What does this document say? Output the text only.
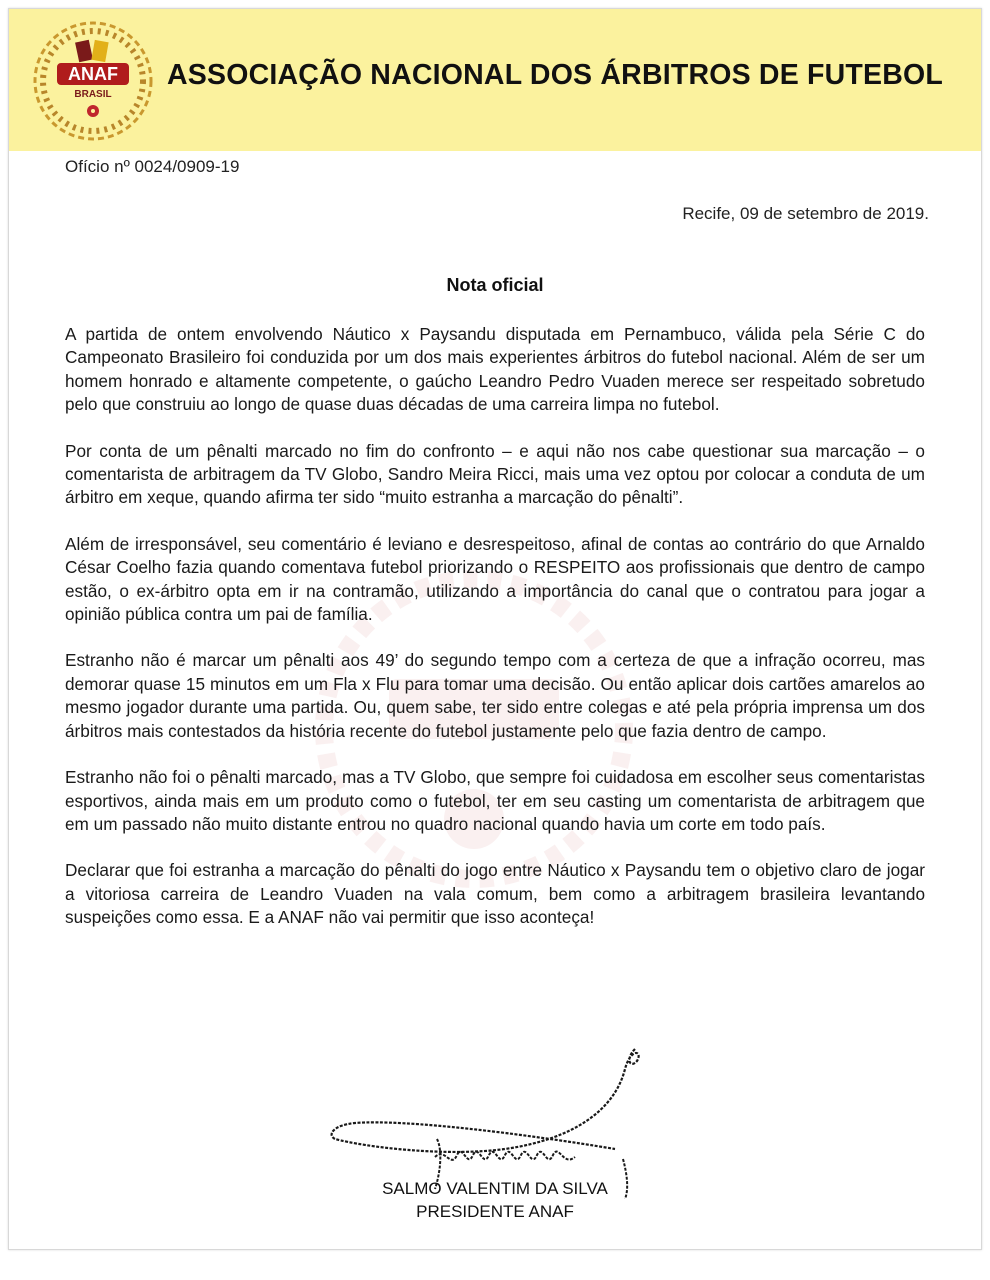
ANAF
BRASIL
ASSOCIAÇÃO NACIONAL DOS ÁRBITROS DE FUTEBOL
Ofício nº 0024/0909-19
Recife, 09 de setembro de 2019.
Nota oficial

A partida de ontem envolvendo Náutico x Paysandu disputada em Pernambuco, válida pela Série C do Campeonato Brasileiro foi conduzida por um dos mais experientes árbitros do futebol nacional. Além de ser um homem honrado e altamente competente, o gaúcho Leandro Pedro Vuaden merece ser respeitado sobretudo pelo que construiu ao longo de quase duas décadas de uma carreira limpa no futebol.

Por conta de um pênalti marcado no fim do confronto – e aqui não nos cabe questionar sua marcação – o comentarista de arbitragem da TV Globo, Sandro Meira Ricci, mais uma vez optou por colocar a conduta de um árbitro em xeque, quando afirma ter sido “muito estranha a marcação do pênalti”.

Além de irresponsável, seu comentário é leviano e desrespeitoso, afinal de contas ao contrário do que Arnaldo César Coelho fazia quando comentava futebol priorizando o RESPEITO aos profissionais que dentro de campo estão, o ex-árbitro opta em ir na contramão, utilizando a importância do canal que o contratou para jogar a opinião pública contra um pai de família.

Estranho não é marcar um pênalti aos 49’ do segundo tempo com a certeza de que a infração ocorreu, mas demorar quase 15 minutos em um Fla x Flu para tomar uma decisão. Ou então aplicar dois cartões amarelos ao mesmo jogador durante uma partida. Ou, quem sabe, ter sido entre colegas e até pela própria imprensa um dos árbitros mais contestados da história recente do futebol justamente pelo que fazia dentro de campo.

Estranho não foi o pênalti marcado, mas a TV Globo, que sempre foi cuidadosa em escolher seus comentaristas esportivos, ainda mais em um produto como o futebol, ter em seu casting um comentarista de arbitragem que em um passado não muito distante entrou no quadro nacional quando havia um corte em todo país.

Declarar que foi estranha a marcação do pênalti do jogo entre Náutico x Paysandu tem o objetivo claro de jogar a vitoriosa carreira de Leandro Vuaden na vala comum, bem como a arbitragem brasileira levantando suspeições como essa. E a ANAF não vai permitir que isso aconteça!

SALMO VALENTIM DA SILVA
PRESIDENTE ANAF
